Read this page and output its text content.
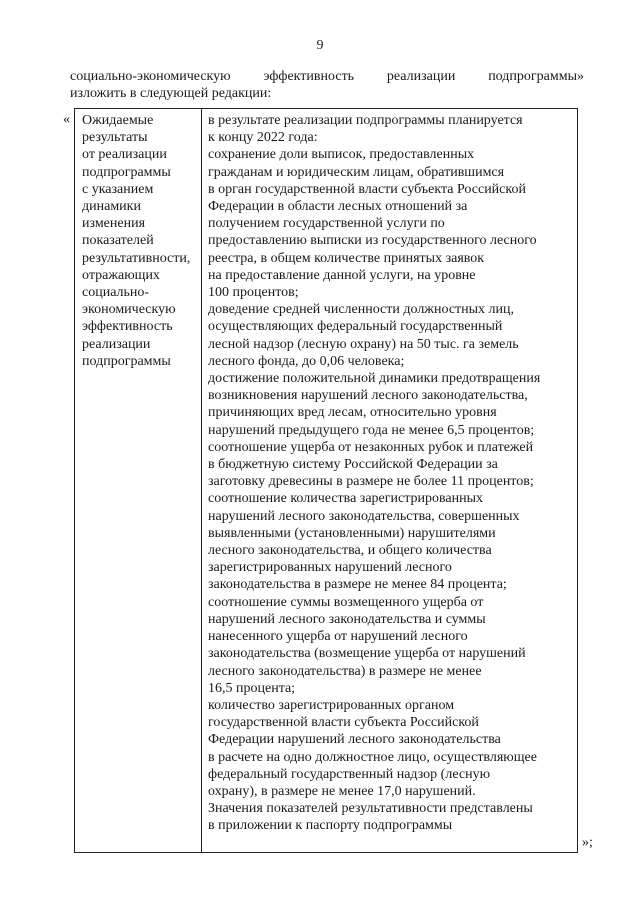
9
социально-экономическую эффективность реализации подпрограммы»
изложить в следующей редакции:
« Ожидаемые
результаты
от реализации
подпрограммы
с указанием
динамики
изменения
показателей
результативности,
отражающих
социально-
экономическую
эффективность
реализации
подпрограммы
в результате реализации подпрограммы планируется
к концу 2022 года:
сохранение доли выписок, предоставленных
гражданам и юридическим лицам, обратившимся
в орган государственной власти субъекта Российской
Федерации в области лесных отношений за
получением государственной услуги по
предоставлению выписки из государственного лесного
реестра, в общем количестве принятых заявок
на предоставление данной услуги, на уровне
100 процентов;
доведение средней численности должностных лиц,
осуществляющих федеральный государственный
лесной надзор (лесную охрану) на 50 тыс. га земель
лесного фонда, до 0,06 человека;
достижение положительной динамики предотвращения
возникновения нарушений лесного законодательства,
причиняющих вред лесам, относительно уровня
нарушений предыдущего года не менее 6,5 процентов;
соотношение ущерба от незаконных рубок и платежей
в бюджетную систему Российской Федерации за
заготовку древесины в размере не более 11 процентов;
соотношение количества зарегистрированных
нарушений лесного законодательства, совершенных
выявленными (установленными) нарушителями
лесного законодательства, и общего количества
зарегистрированных нарушений лесного
законодательства в размере не менее 84 процента;
соотношение суммы возмещенного ущерба от
нарушений лесного законодательства и суммы
нанесенного ущерба от нарушений лесного
законодательства (возмещение ущерба от нарушений
лесного законодательства) в размере не менее
16,5 процента;
количество зарегистрированных органом
государственной власти субъекта Российской
Федерации нарушений лесного законодательства
в расчете на одно должностное лицо, осуществляющее
федеральный государственный надзор (лесную
охрану), в размере не менее 17,0 нарушений.
Значения показателей результативности представлены
в приложении к паспорту подпрограммы
»;
